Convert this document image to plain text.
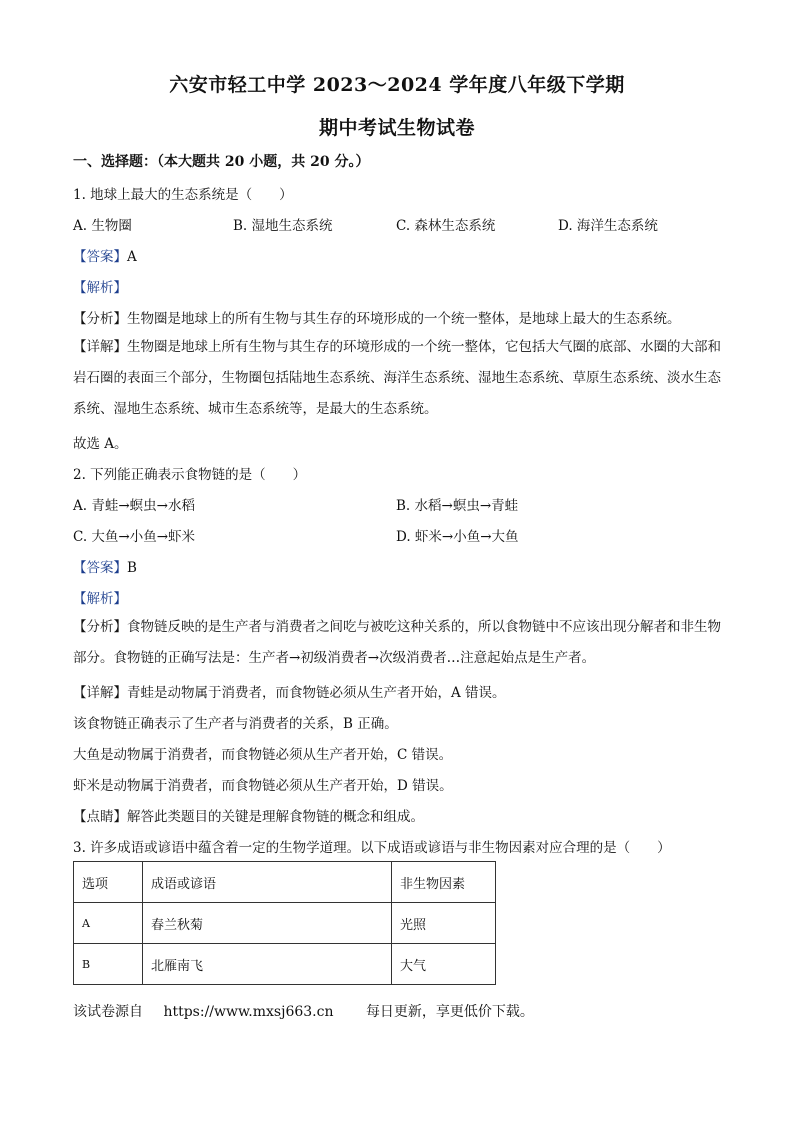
六安市轻工中学 2023～2024 学年度八年级下学期
期中考试生物试卷
一、选择题：（本大题共 20 小题，共 20 分。）
1. 地球上最大的生态系统是（　　）
A. 生物圈	B. 湿地生态系统	C. 森林生态系统	D. 海洋生态系统
【答案】A
【解析】
【分析】生物圈是地球上的所有生物与其生存的环境形成的一个统一整体，是地球上最大的生态系统。
【详解】生物圈是地球上所有生物与其生存的环境形成的一个统一整体，它包括大气圈的底部、水圈的大部和岩石圈的表面三个部分，生物圈包括陆地生态系统、海洋生态系统、湿地生态系统、草原生态系统、淡水生态系统、湿地生态系统、城市生态系统等，是最大的生态系统。
故选 A。
2. 下列能正确表示食物链的是（　　）
A. 青蛙→螟虫→水稻	B. 水稻→螟虫→青蛙
C. 大鱼→小鱼→虾米	D. 虾米→小鱼→大鱼
【答案】B
【解析】
【分析】食物链反映的是生产者与消费者之间吃与被吃这种关系的，所以食物链中不应该出现分解者和非生物部分。食物链的正确写法是：生产者→初级消费者→次级消费者…注意起始点是生产者。
【详解】青蛙是动物属于消费者，而食物链必须从生产者开始，A 错误。
该食物链正确表示了生产者与消费者的关系，B 正确。
大鱼是动物属于消费者，而食物链必须从生产者开始，C 错误。
虾米是动物属于消费者，而食物链必须从生产者开始，D 错误。
【点睛】解答此类题目的关键是理解食物链的概念和组成。
3. 许多成语或谚语中蕴含着一定的生物学道理。以下成语或谚语与非生物因素对应合理的是（　　）
选项	成语或谚语	非生物因素
A	春兰秋菊	光照
B	北雁南飞	大气
该试卷源自 https://www.mxsj663.cn 每日更新，享更低价下载。
